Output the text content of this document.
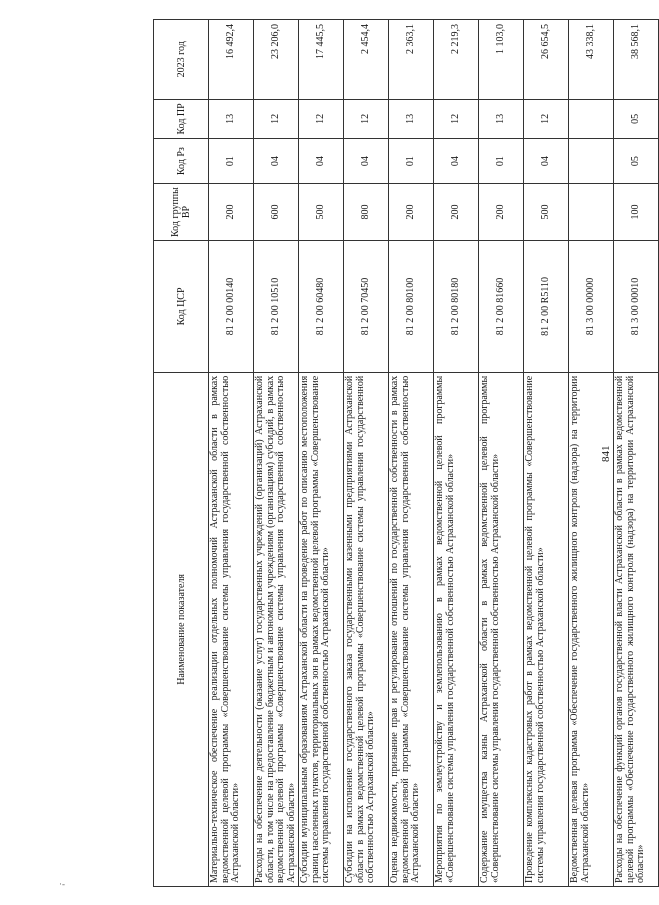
·-
841
Наименование показателя	Код ЦСР	Код группы ВР	Код Рз	Код ПР	2023 год
Материально-техническое обеспечение реализации отдельных полномочий Астраханской области в рамках ведомственной целевой программы «Совершенствование системы управления государственной собственностью Астраханской области»	81 2 00 00140	200	01	13	16 492,4
Расходы на обеспечение деятельности (оказание услуг) государственных учреждений (организаций) Астраханской области, в том числе на предоставление бюджетным и автономным учреждениям (организациям) субсидий, в рамках ведомственной целевой программы «Совершенствование системы управления государственной собственностью Астраханской области»	81 2 00 10510	600	04	12	23 206,0
Субсидии муниципальным образованиям Астраханской области на проведение работ по описанию местоположения границ населенных пунктов, территориальных зон в рамках ведомственной целевой программы «Совершенствование системы управления государственной собственностью Астраханской области»	81 2 00 60480	500	04	12	17 445,5
Субсидии на исполнение государственного заказа государственными казенными предприятиями Астраханской области в рамках ведомственной целевой программы «Совершенствование системы управления государственной собственностью Астраханской области»	81 2 00 70450	800	04	12	2 454,4
Оценка недвижимости, признание прав и регулирование отношений по государственной собственности в рамках ведомственной целевой программы «Совершенствование системы управления государственной собственностью Астраханской области»	81 2 00 80100	200	01	13	2 363,1
Мероприятия по землеустройству и землепользованию в рамках ведомственной целевой программы «Совершенствование системы управления государственной собственностью Астраханской области»	81 2 00 80180	200	04	12	2 219,3
Содержание имущества казны Астраханской области в рамках ведомственной целевой программы «Совершенствование системы управления государственной собственностью Астраханской области»	81 2 00 81660	200	01	13	1 103,0
Проведение комплексных кадастровых работ в рамках ведомственной целевой программы «Совершенствование системы управления государственной собственностью Астраханской области»	81 2 00 R5110	500	04	12	26 654,5
Ведомственная целевая программа «Обеспечение государственного жилищного контроля (надзора) на территории Астраханской области»	81 3 00 00000				43 338,1
Расходы на обеспечение функций органов государственной власти Астраханской области в рамках ведомственной целевой программы «Обеспечение государственного жилищного контроля (надзора) на территории Астраханской области»	81 3 00 00010	100	05	05	38 568,1
